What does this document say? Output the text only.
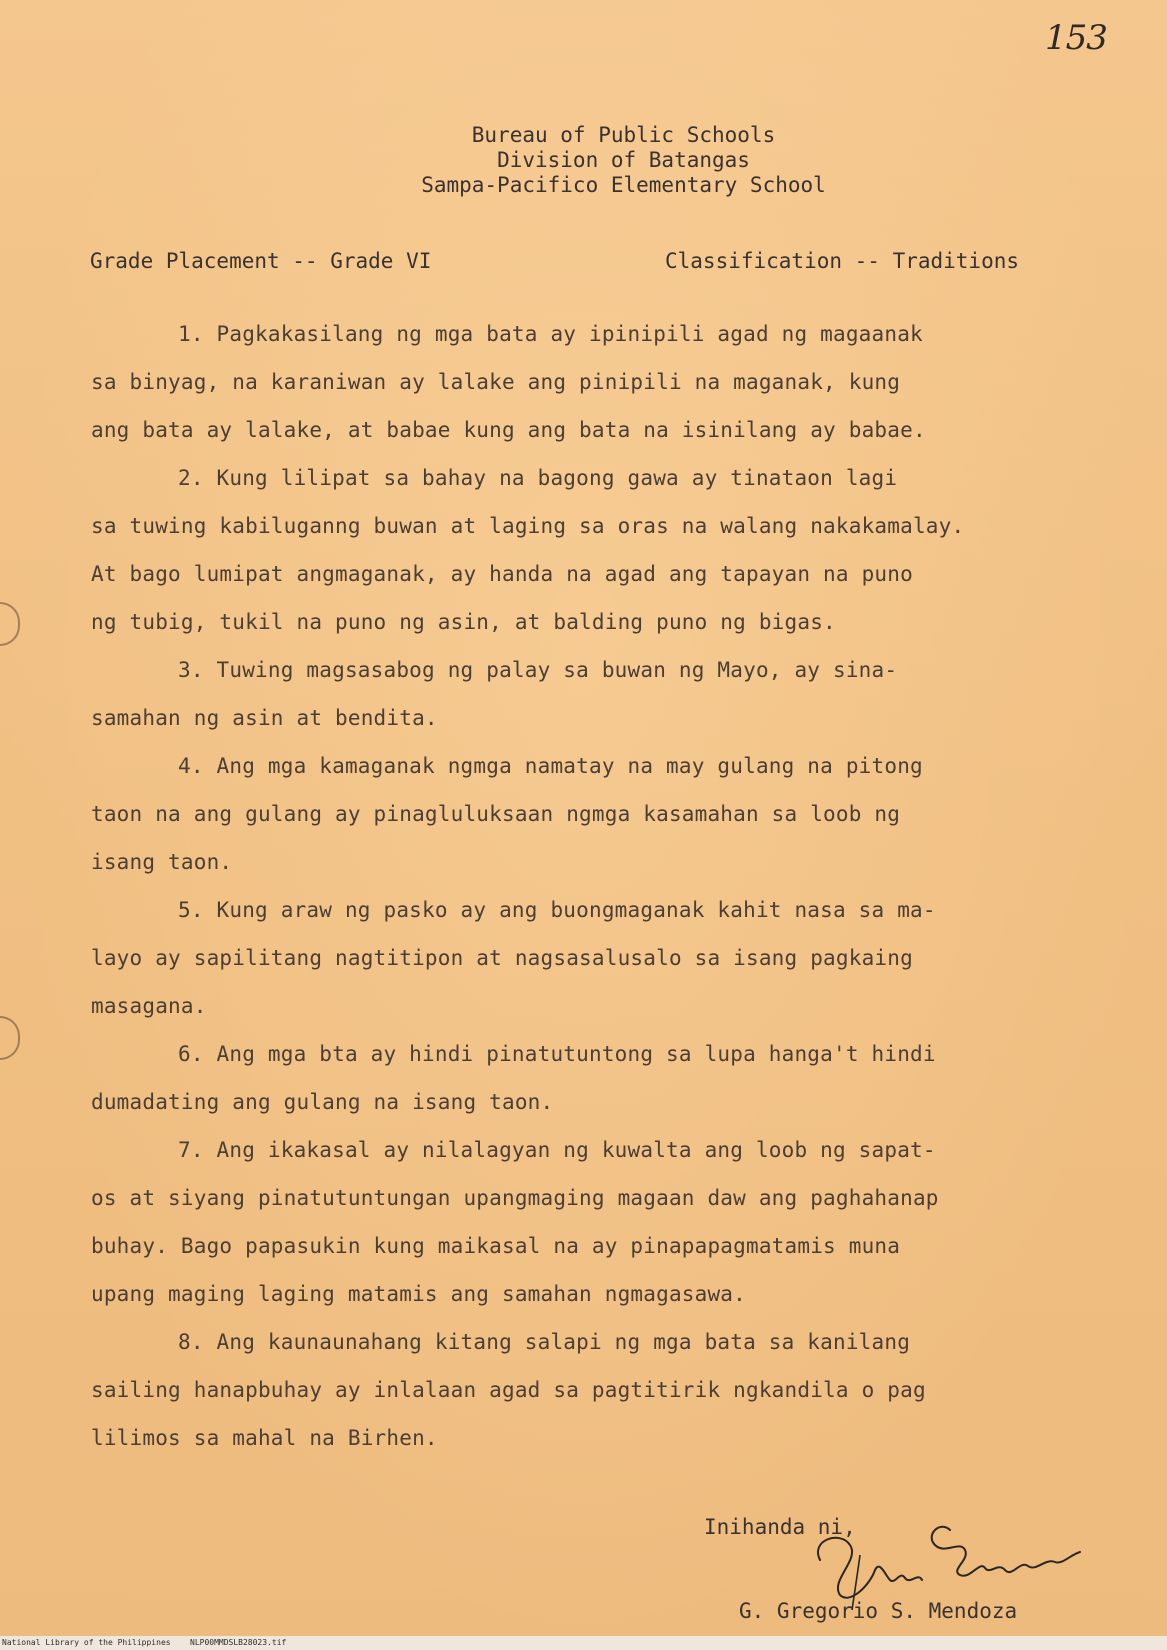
153
Bureau of Public Schools
Division of Batangas
Sampa-Pacifico Elementary School
Grade Placement -- Grade VI	Classification -- Traditions
1. Pagkakasilang ng mga bata ay ipinipili agad ng magaanak
sa binyag, na karaniwan ay lalake ang pinipili na maganak, kung
ang bata ay lalake, at babae kung ang bata na isinilang ay babae.
2. Kung lilipat sa bahay na bagong gawa ay tinataon lagi
sa tuwing kabiluganng buwan at laging sa oras na walang nakakamalay.
At bago lumipat angmaganak, ay handa na agad ang tapayan na puno
ng tubig, tukil na puno ng asin, at balding puno ng bigas.
3. Tuwing magsasabog ng palay sa buwan ng Mayo, ay sina-
samahan ng asin at bendita.
4. Ang mga kamaganak ngmga namatay na may gulang na pitong
taon na ang gulang ay pinagluluksaan ngmga kasamahan sa loob ng
isang taon.
5. Kung araw ng pasko ay ang buongmaganak kahit nasa sa ma-
layo ay sapilitang nagtitipon at nagsasalusalo sa isang pagkaing
masagana.
6. Ang mga bta ay hindi pinatutuntong sa lupa hanga't hindi
dumadating ang gulang na isang taon.
7. Ang ikakasal ay nilalagyan ng kuwalta ang loob ng sapat-
os at siyang pinatutuntungan upangmaging magaan daw ang paghahanap
buhay. Bago papasukin kung maikasal na ay pinapapagmatamis muna
upang maging laging matamis ang samahan ngmagasawa.
8. Ang kaunaunahang kitang salapi ng mga bata sa kanilang
sailing hanapbuhay ay inlalaan agad sa pagtitirik ngkandila o pag
lilimos sa mahal na Birhen.
Inihanda ni,
G. Gregorio S. Mendoza
National Library of the Philippines NLP00MMDSLB28023.tif
